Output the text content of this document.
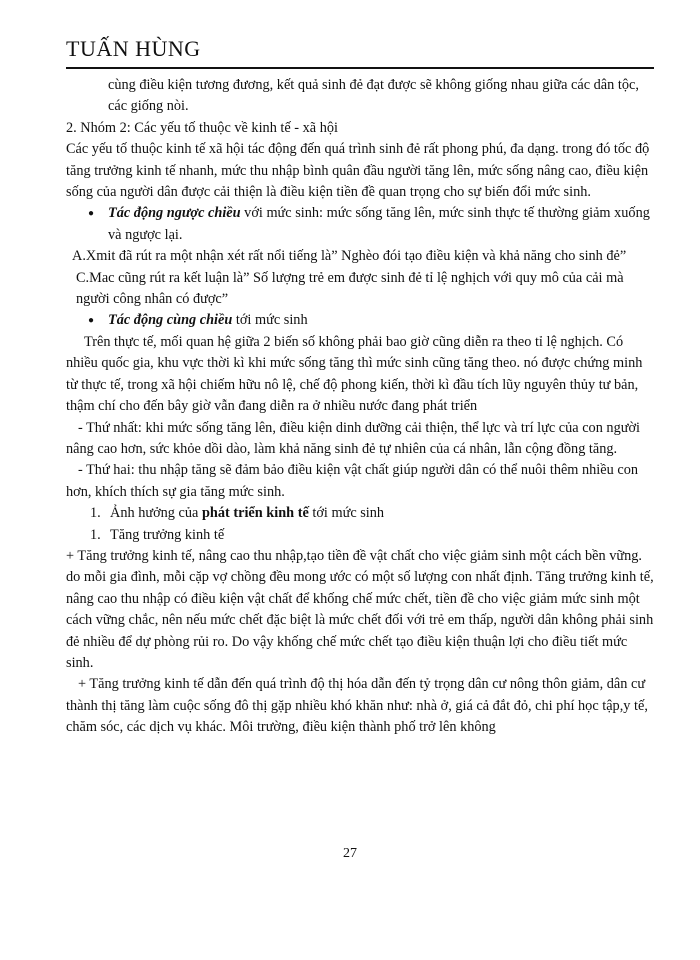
TUẤN HÙNG

cùng điều kiện tương đương, kết quả sinh đẻ đạt được sẽ không giống nhau giữa các dân tộc, các giống nòi.

2. Nhóm 2: Các yếu tố thuộc về kinh tế - xã hội

Các yếu tố thuộc kinh tế xã hội tác động đến quá trình sinh đẻ rất phong phú, đa dạng. trong đó tốc độ tăng trưởng kinh tế nhanh, mức thu nhập bình quân đầu người tăng lên, mức sống nâng cao, điều kiện sống của người dân được cải thiện là điều kiện tiền đề quan trọng cho sự biến đổi mức sinh.

● Tác động ngược chiều với mức sinh: mức sống tăng lên, mức sinh thực tế thường giảm xuống và ngược lại.

A.Xmit đã rút ra một nhận xét rất nổi tiếng là” Nghèo đói tạo điều kiện và khả năng cho sinh đẻ”

C.Mac cũng rút ra kết luận là” Số lượng trẻ em được sinh đẻ tỉ lệ nghịch với quy mô của cải mà người công nhân có được”

● Tác động cùng chiều tới mức sinh

Trên thực tế, mối quan hệ giữa 2 biến số không phải bao giờ cũng diễn ra theo tỉ lệ nghịch. Có nhiều quốc gia, khu vực thời kì khi mức sống tăng thì mức sinh cũng tăng theo. nó được chứng minh từ thực tế, trong xã hội chiếm hữu nô lệ, chế độ phong kiến, thời kì đầu tích lũy nguyên thủy tư bản, thậm chí cho đến bây giờ vẫn đang diễn ra ở nhiều nước đang phát triển

- Thứ nhất: khi mức sống tăng lên, điều kiện dinh dưỡng cải thiện, thể lực và trí lực của con người nâng cao hơn, sức khỏe dồi dào, làm khả năng sinh đẻ tự nhiên của cá nhân, lẫn cộng đồng tăng.

- Thứ hai: thu nhập tăng sẽ đảm bảo điều kiện vật chất giúp người dân có thể nuôi thêm nhiều con hơn, khích thích sự gia tăng mức sinh.

1. Ảnh hưởng của phát triển kinh tế tới mức sinh
1. Tăng trưởng kinh tế

+ Tăng trưởng kinh tế, nâng cao thu nhập,tạo tiền đề vật chất cho việc giảm sinh một cách bền vững. do mỗi gia đình, mỗi cặp vợ chồng đều mong ước có một số lượng con nhất định. Tăng trưởng kinh tế, nâng cao thu nhập có điều kiện vật chất để khống chế mức chết, tiền đề cho việc giảm mức sinh một cách vững chắc, nên nếu mức chết đặc biệt là mức chết đối với trẻ em thấp, người dân không phải sinh đẻ nhiều để dự phòng rủi ro. Do vậy khống chế mức chết tạo điều kiện thuận lợi cho điều tiết mức sinh.

+ Tăng trưởng kinh tế dẫn đến quá trình độ thị hóa dẫn đến tỷ trọng dân cư nông thôn giảm, dân cư thành thị tăng làm cuộc sống đô thị gặp nhiều khó khăn như: nhà ở, giá cả đắt đỏ, chi phí học tập,y tế, chăm sóc, các dịch vụ khác. Môi trường, điều kiện thành phố trở lên không

27
